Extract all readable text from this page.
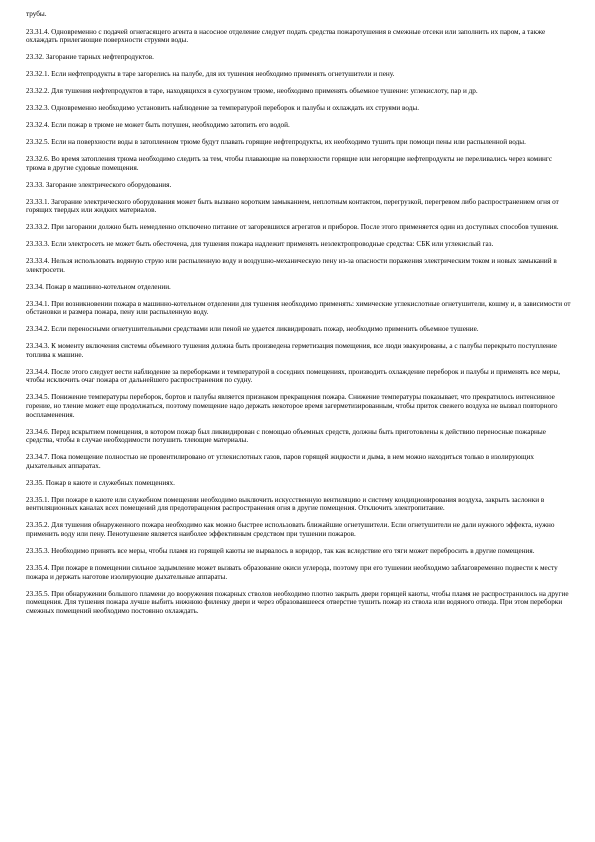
трубы.

23.31.4. Одновременно с подачей огнегасящего агента в насосное отделение следует подать средства пожаротушения в смежные отсеки или заполнить их паром, а также охлаждать прилегающие поверхности струями воды.

23.32. Загорание тарных нефтепродуктов.

23.32.1. Если нефтепродукты в таре загорелись на палубе, для их тушения необходимо применять огнетушители и пену.

23.32.2. Для тушения нефтепродуктов в таре, находящихся в сухогрузном трюме, необходимо применять объемное тушение: углекислоту, пар и др.

23.32.3. Одновременно необходимо установить наблюдение за температурой переборок и палубы и охлаждать их струями воды.

23.32.4. Если пожар в трюме не может быть потушен, необходимо затопить его водой.

23.32.5. Если на поверхности воды в затопленном трюме будут плавать горящие нефтепродукты, их необходимо тушить при помощи пены или распыленной воды.

23.32.6. Во время затопления трюма необходимо следить за тем, чтобы плавающие на поверхности горящие или негорящие нефтепродукты не переливались через комингс трюма в другие судовые помещения.

23.33. Загорание электрического оборудования.

23.33.1. Загорание электрического оборудования может быть вызвано коротким замыканием, неплотным контактом, перегрузкой, перегревом либо распространением огня от горящих твердых или жидких материалов.

23.33.2. При загорании должно быть немедленно отключено питание от загоревшихся агрегатов и приборов. После этого применяется один из доступных способов тушения.

23.33.3. Если электросеть не может быть обесточена, для тушения пожара надлежит применять неэлектропроводные средства: СБК или углекислый газ.

23.33.4. Нельзя использовать водяную струю или распыленную воду и воздушно-механическую пену из-за опасности поражения электрическим током и новых замыканий в электросети.

23.34. Пожар в машинно-котельном отделении.

23.34.1. При возникновении пожара в машинно-котельном отделении для тушения необходимо применять: химические углекислотные огнетушители, кошму и, в зависимости от обстановки и размера пожара, пену или распыленную воду.

23.34.2. Если переносными огнетушительными средствами или пеной не удается ликвидировать пожар, необходимо применить объемное тушение.

23.34.3. К моменту включения системы объемного тушения должна быть произведена герметизация помещения, все люди эвакуированы, а с палубы перекрыто поступление топлива к машине.

23.34.4. После этого следует вести наблюдение за переборками и температурой в соседних помещениях, производить охлаждение переборок и палубы и применять все меры, чтобы исключить очаг пожара от дальнейшего распространения по судну.

23.34.5. Понижение температуры переборок, бортов и палубы является признаком прекращения пожара. Снижение температуры показывает, что прекратилось интенсивное горение, но тление может еще продолжаться, поэтому помещение надо держать некоторое время загерметизированным, чтобы приток свежего воздуха не вызвал повторного воспламенения.

23.34.6. Перед вскрытием помещения, в котором пожар был ликвидирован с помощью объемных средств, должны быть приготовлены к действию переносные пожарные средства, чтобы в случае необходимости потушить тлеющие материалы.

23.34.7. Пока помещение полностью не провентилировано от углекислотных газов, паров горящей жидкости и дыма, в нем можно находиться только в изолирующих дыхательных аппаратах.

23.35. Пожар в каюте и служебных помещениях.

23.35.1. При пожаре в каюте или служебном помещении необходимо выключить искусственную вентиляцию и систему кондиционирования воздуха, закрыть заслонки в вентиляционных каналах всех помещений для предотвращения распространения огня в другие помещения. Отключить электропитание.

23.35.2. Для тушения обнаруженного пожара необходимо как можно быстрее использовать ближайшие огнетушители. Если огнетушители не дали нужного эффекта, нужно применить воду или пену. Пенотушение является наиболее эффективным средством при тушении пожаров.

23.35.3. Необходимо принять все меры, чтобы пламя из горящей каюты не вырвалось в коридор, так как вследствие его тяги может перебросить в другие помещения.

23.35.4. При пожаре в помещении сильное задымление может вызвать образование окиси углерода, поэтому при его тушении необходимо заблаговременно подвести к месту пожара и держать наготове изолирующие дыхательные аппараты.

23.35.5. При обнаружении большого пламени до вооружения пожарных стволов необходимо плотно закрыть двери горящей каюты, чтобы пламя не распространилось на другие помещения. Для тушения пожара лучше выбить нижнюю филенку двери и через образовавшееся отверстие тушить пожар из ствола или водяного отвода. При этом переборки смежных помещений необходимо постоянно охлаждать.
